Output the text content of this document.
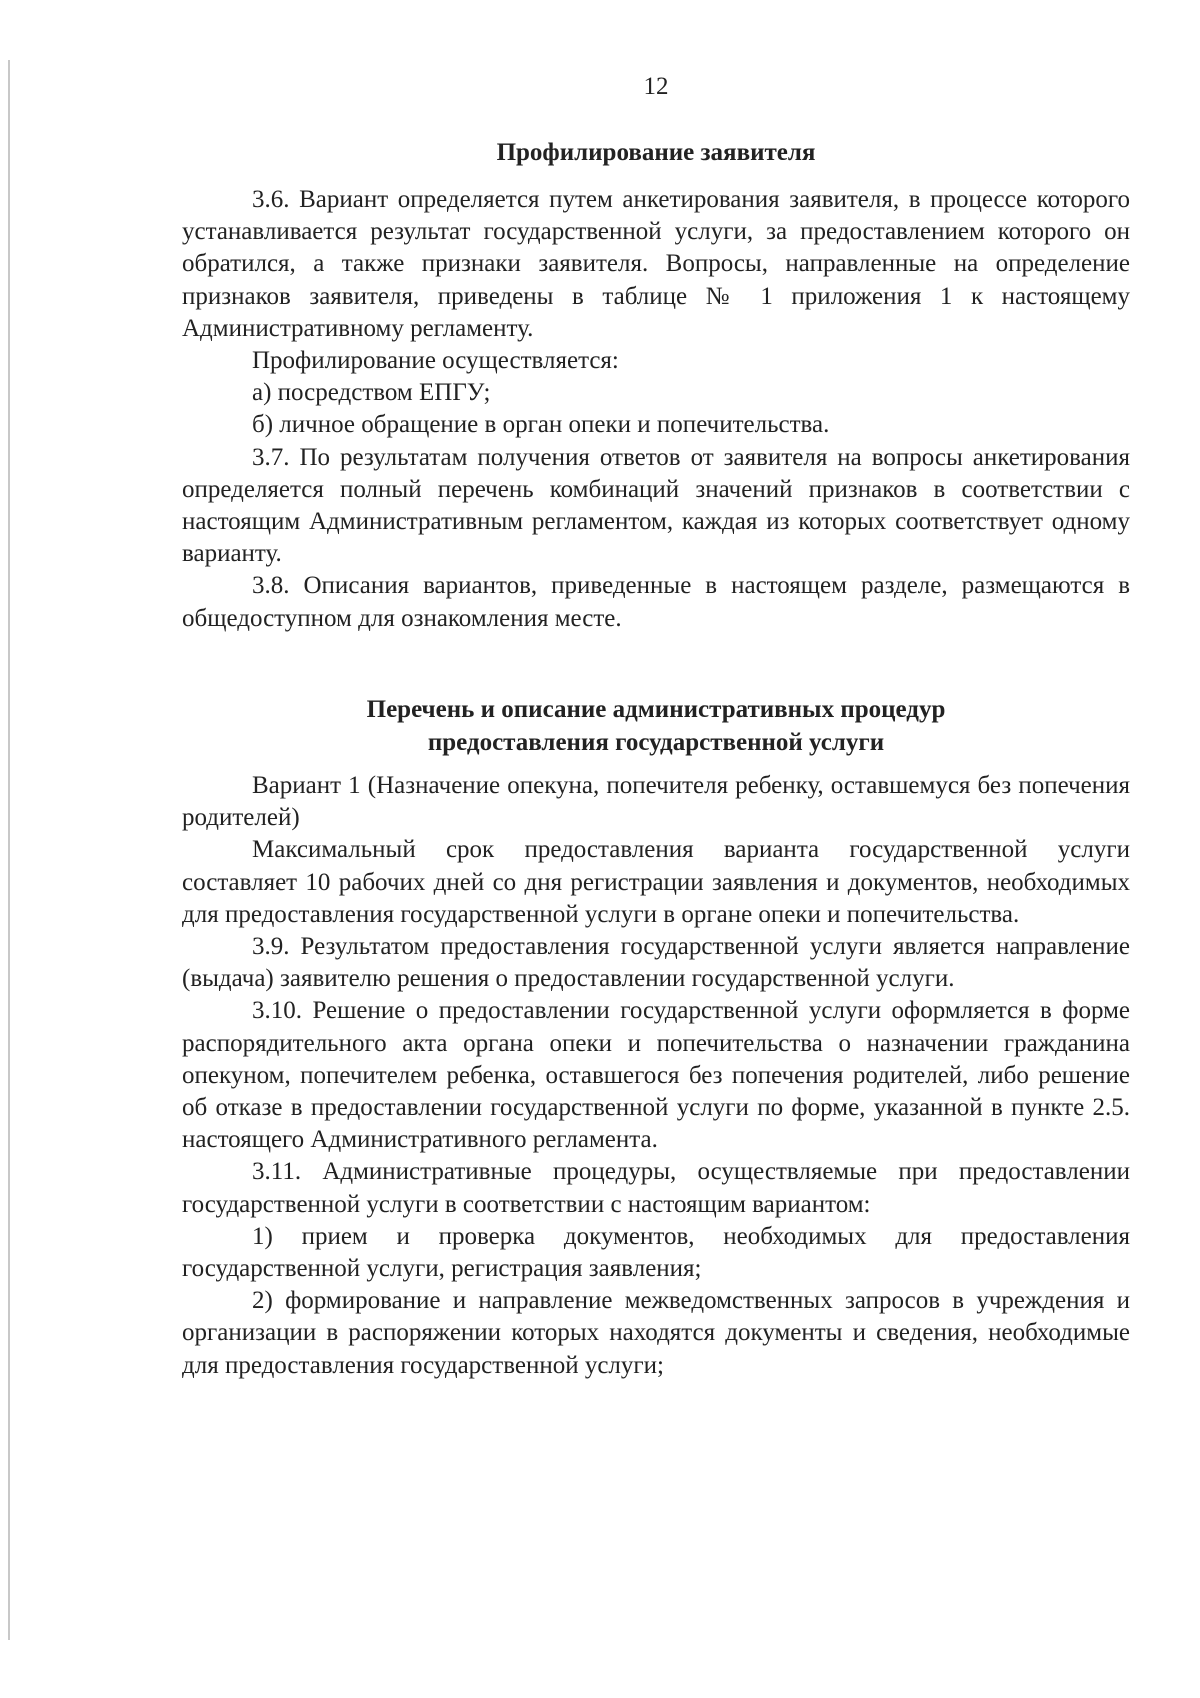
12
Профилирование заявителя

3.6. Вариант определяется путем анкетирования заявителя, в процессе которого устанавливается результат государственной услуги, за предоставлением которого он обратился, а также признаки заявителя. Вопросы, направленные на определение признаков заявителя, приведены в таблице № 1 приложения 1 к настоящему Административному регламенту.

Профилирование осуществляется:

а) посредством ЕПГУ;

б) личное обращение в орган опеки и попечительства.

3.7. По результатам получения ответов от заявителя на вопросы анкетирования определяется полный перечень комбинаций значений признаков в соответствии с настоящим Административным регламентом, каждая из которых соответствует одному варианту.

3.8. Описания вариантов, приведенные в настоящем разделе, размещаются в общедоступном для ознакомления месте.

Перечень и описание административных процедур
предоставления государственной услуги

Вариант 1 (Назначение опекуна, попечителя ребенку, оставшемуся без попечения родителей)

Максимальный срок предоставления варианта государственной услуги составляет 10 рабочих дней со дня регистрации заявления и документов, необходимых для предоставления государственной услуги в органе опеки и попечительства.

3.9. Результатом предоставления государственной услуги является направление (выдача) заявителю решения о предоставлении государственной услуги.

3.10. Решение о предоставлении государственной услуги оформляется в форме распорядительного акта органа опеки и попечительства о назначении гражданина опекуном, попечителем ребенка, оставшегося без попечения родителей, либо решение об отказе в предоставлении государственной услуги по форме, указанной в пункте 2.5. настоящего Административного регламента.

3.11. Административные процедуры, осуществляемые при предоставлении государственной услуги в соответствии с настоящим вариантом:

1) прием и проверка документов, необходимых для предоставления государственной услуги, регистрация заявления;

2) формирование и направление межведомственных запросов в учреждения и организации в распоряжении которых находятся документы и сведения, необходимые для предоставления государственной услуги;
